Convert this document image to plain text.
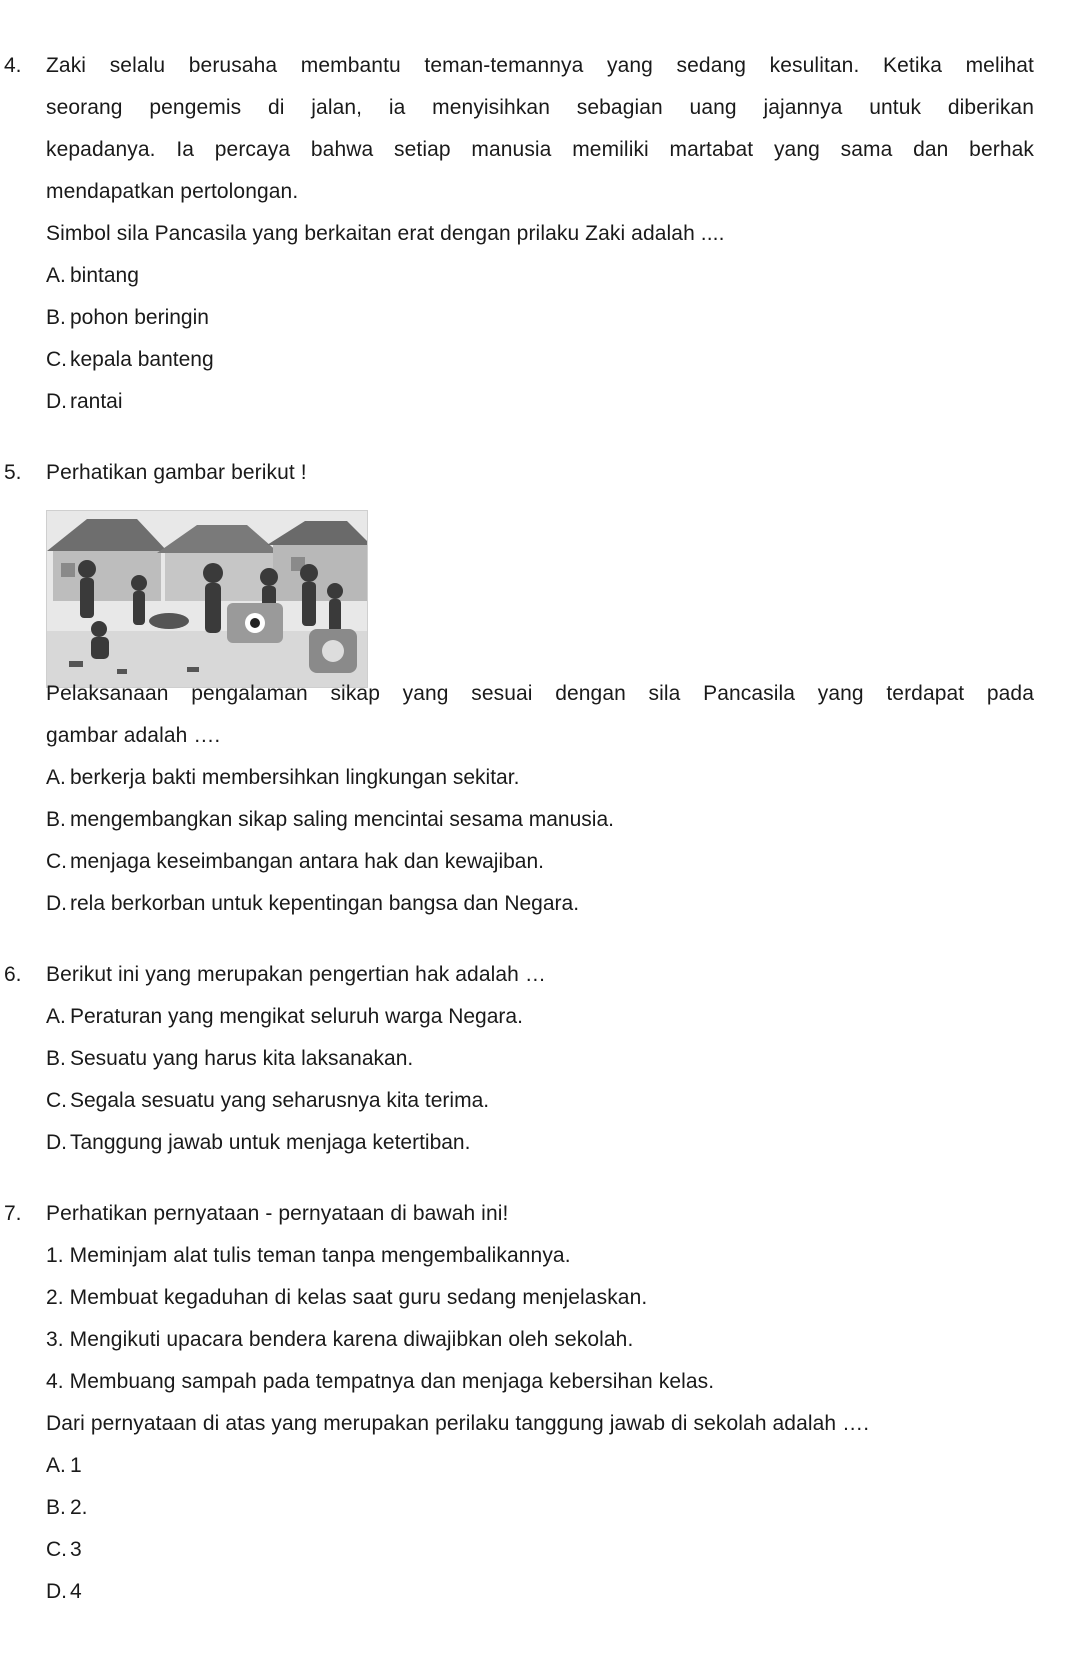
4. Zaki selalu berusaha membantu teman-temannya yang sedang kesulitan. Ketika melihat
seorang pengemis di jalan, ia menyisihkan sebagian uang jajannya untuk diberikan
kepadanya. Ia percaya bahwa setiap manusia memiliki martabat yang sama dan berhak
mendapatkan pertolongan.
Simbol sila Pancasila yang berkaitan erat dengan prilaku Zaki adalah ....
A. bintang
B. pohon beringin
C. kepala banteng
D. rantai
5. Perhatikan gambar berikut !
Pelaksanaan pengalaman sikap yang sesuai dengan sila Pancasila yang terdapat pada
gambar adalah ….
A. berkerja bakti membersihkan lingkungan sekitar.
B. mengembangkan sikap saling mencintai sesama manusia.
C. menjaga keseimbangan antara hak dan kewajiban.
D. rela berkorban untuk kepentingan bangsa dan Negara.
6. Berikut ini yang merupakan pengertian hak adalah …
A. Peraturan yang mengikat seluruh warga Negara.
B. Sesuatu yang harus kita laksanakan.
C. Segala sesuatu yang seharusnya kita terima.
D. Tanggung jawab untuk menjaga ketertiban.
7. Perhatikan pernyataan - pernyataan di bawah ini!
1. Meminjam alat tulis teman tanpa mengembalikannya.
2. Membuat kegaduhan di kelas saat guru sedang menjelaskan.
3. Mengikuti upacara bendera karena diwajibkan oleh sekolah.
4. Membuang sampah pada tempatnya dan menjaga kebersihan kelas.
Dari pernyataan di atas yang merupakan perilaku tanggung jawab di sekolah adalah ….
A. 1
B. 2.
C. 3
D. 4
